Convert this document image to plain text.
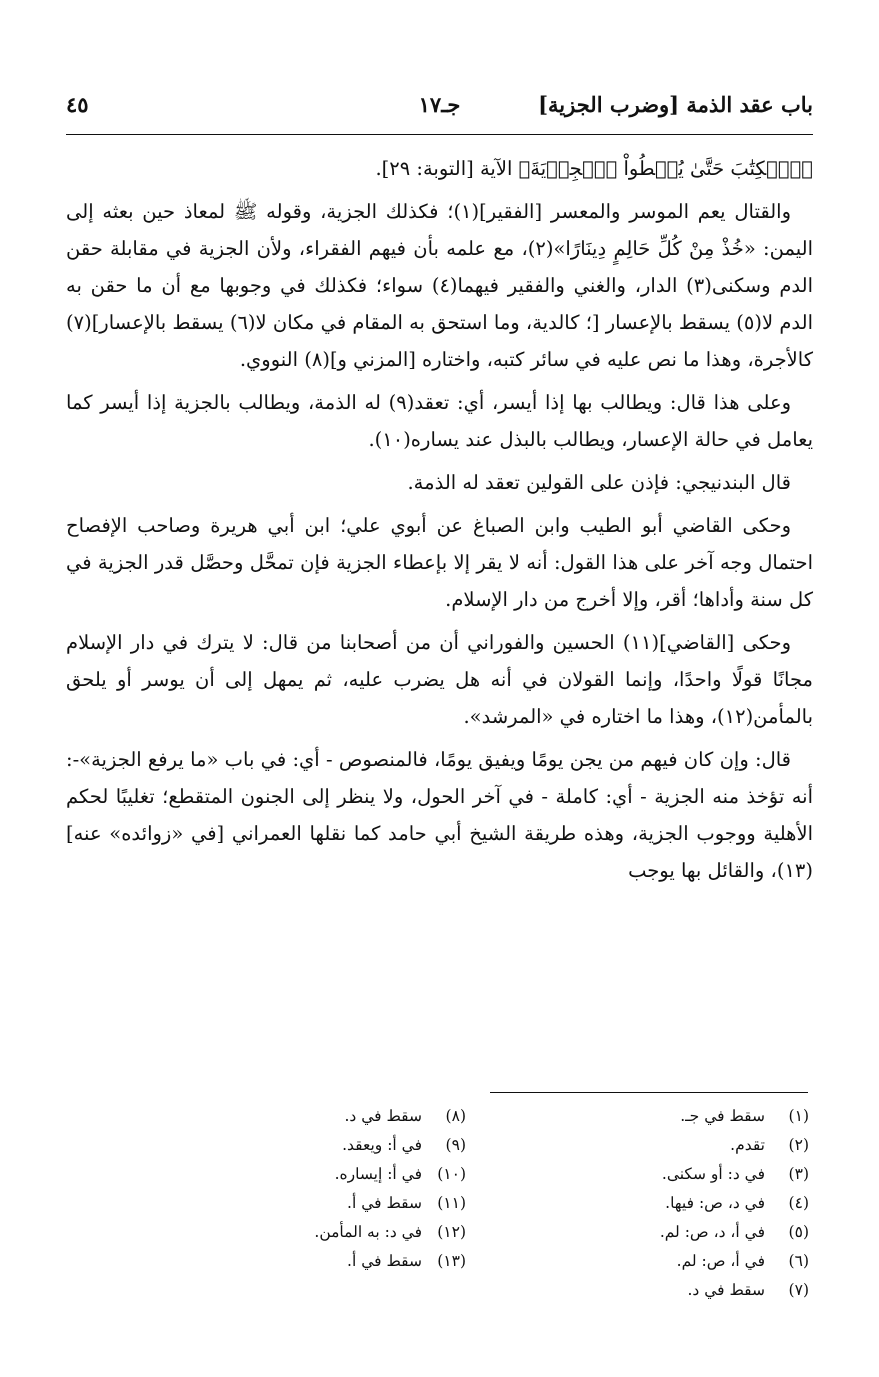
باب عقد الذمة [وضرب الجزية]
جـ١٧
٤٥

﴿ٱلۡكِتَٰبَ حَتَّىٰ يُعۡطُواْ ٱلۡجِزۡيَةَ﴾ الآية [التوبة: ٢٩].

والقتال يعم الموسر والمعسر [الفقير](١)؛ فكذلك الجزية، وقوله ﷺ لمعاذ حين بعثه إلى اليمن: «خُذْ مِنْ كُلِّ حَالِمٍ دِينَارًا»(٢)، مع علمه بأن فيهم الفقراء، ولأن الجزية في مقابلة حقن الدم وسكنى(٣) الدار، والغني والفقير فيهما(٤) سواء؛ فكذلك في وجوبها مع أن ما حقن به الدم لا(٥) يسقط بالإعسار [؛ كالدية، وما استحق به المقام في مكان لا(٦) يسقط بالإعسار](٧) كالأجرة، وهذا ما نص عليه في سائر كتبه، واختاره [المزني و](٨) النووي.

وعلى هذا قال: ويطالب بها إذا أيسر، أي: تعقد(٩) له الذمة، ويطالب بالجزية إذا أيسر كما يعامل في حالة الإعسار، ويطالب بالبذل عند يساره(١٠).

قال البندنيجي: فإذن على القولين تعقد له الذمة.

وحكى القاضي أبو الطيب وابن الصباغ عن أبوي علي؛ ابن أبي هريرة وصاحب الإفصاح احتمال وجه آخر على هذا القول: أنه لا يقر إلا بإعطاء الجزية فإن تمحَّل وحصَّل قدر الجزية في كل سنة وأداها؛ أقر، وإلا أخرج من دار الإسلام.

وحكى [القاضي](١١) الحسين والفوراني أن من أصحابنا من قال: لا يترك في دار الإسلام مجانًا قولًا واحدًا، وإنما القولان في أنه هل يضرب عليه، ثم يمهل إلى أن يوسر أو يلحق بالمأمن(١٢)، وهذا ما اختاره في «المرشد».

قال: وإن كان فيهم من يجن يومًا ويفيق يومًا، فالمنصوص - أي: في باب «ما يرفع الجزية»-: أنه تؤخذ منه الجزية - أي: كاملة - في آخر الحول، ولا ينظر إلى الجنون المتقطع؛ تغليبًا لحكم الأهلية ووجوب الجزية، وهذه طريقة الشيخ أبي حامد كما نقلها العمراني [في «زوائده» عنه](١٣)، والقائل بها يوجب

(١)سقط في جـ.
(٢)تقدم.
(٣)في د: أو سكنى.
(٤)في د، ص: فيها.
(٥)في أ، د، ص: لم.
(٦)في أ، ص: لم.
(٧)سقط في د.
(٨)سقط في د.
(٩)في أ: ويعقد.
(١٠)في أ: إيساره.
(١١)سقط في أ.
(١٢)في د: به المأمن.
(١٣)سقط في أ.
